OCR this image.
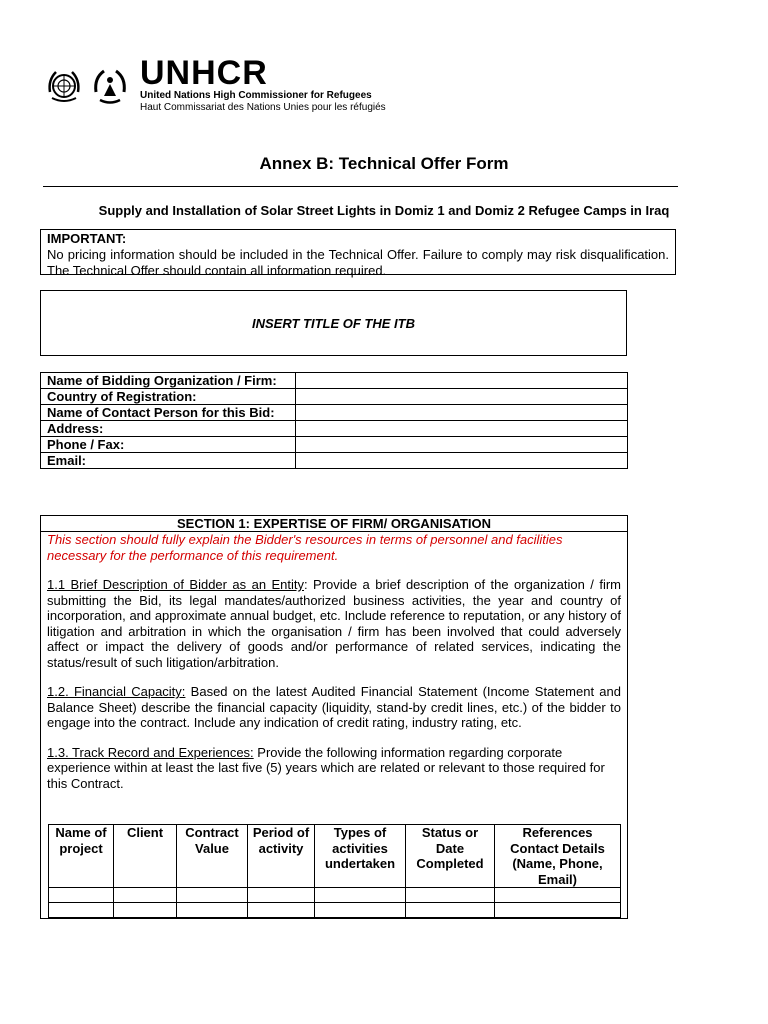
UNHCR
United Nations High Commissioner for Refugees
Haut Commissariat des Nations Unies pour les réfugiés
Annex B: Technical Offer Form
Supply and Installation of Solar Street Lights in Domiz 1 and Domiz 2 Refugee Camps in Iraq
IMPORTANT:
No pricing information should be included in the Technical Offer. Failure to comply may risk disqualification. The Technical Offer should contain all information required.
INSERT TITLE OF THE ITB
Name of Bidding Organization / Firm:	
Country of Registration:	
Name of Contact Person for this Bid:	
Address:	
Phone / Fax:	
Email:	
SECTION 1: EXPERTISE OF FIRM/ ORGANISATION
This section should fully explain the Bidder's resources in terms of personnel and facilities necessary for the performance of this requirement.
1.1 Brief Description of Bidder as an Entity: Provide a brief description of the organization / firm submitting the Bid, its legal mandates/authorized business activities, the year and country of incorporation, and approximate annual budget, etc. Include reference to reputation, or any history of litigation and arbitration in which the organisation / firm has been involved that could adversely affect or impact the delivery of goods and/or performance of related services, indicating the status/result of such litigation/arbitration.
1.2. Financial Capacity: Based on the latest Audited Financial Statement (Income Statement and Balance Sheet) describe the financial capacity (liquidity, stand-by credit lines, etc.) of the bidder to engage into the contract. Include any indication of credit rating, industry rating, etc.
1.3. Track Record and Experiences: Provide the following information regarding corporate experience within at least the last five (5) years which are related or relevant to those required for this Contract.
Name of project	Client	Contract Value	Period of activity	Types of activities undertaken	Status or Date Completed	References Contact Details (Name, Phone, Email)
